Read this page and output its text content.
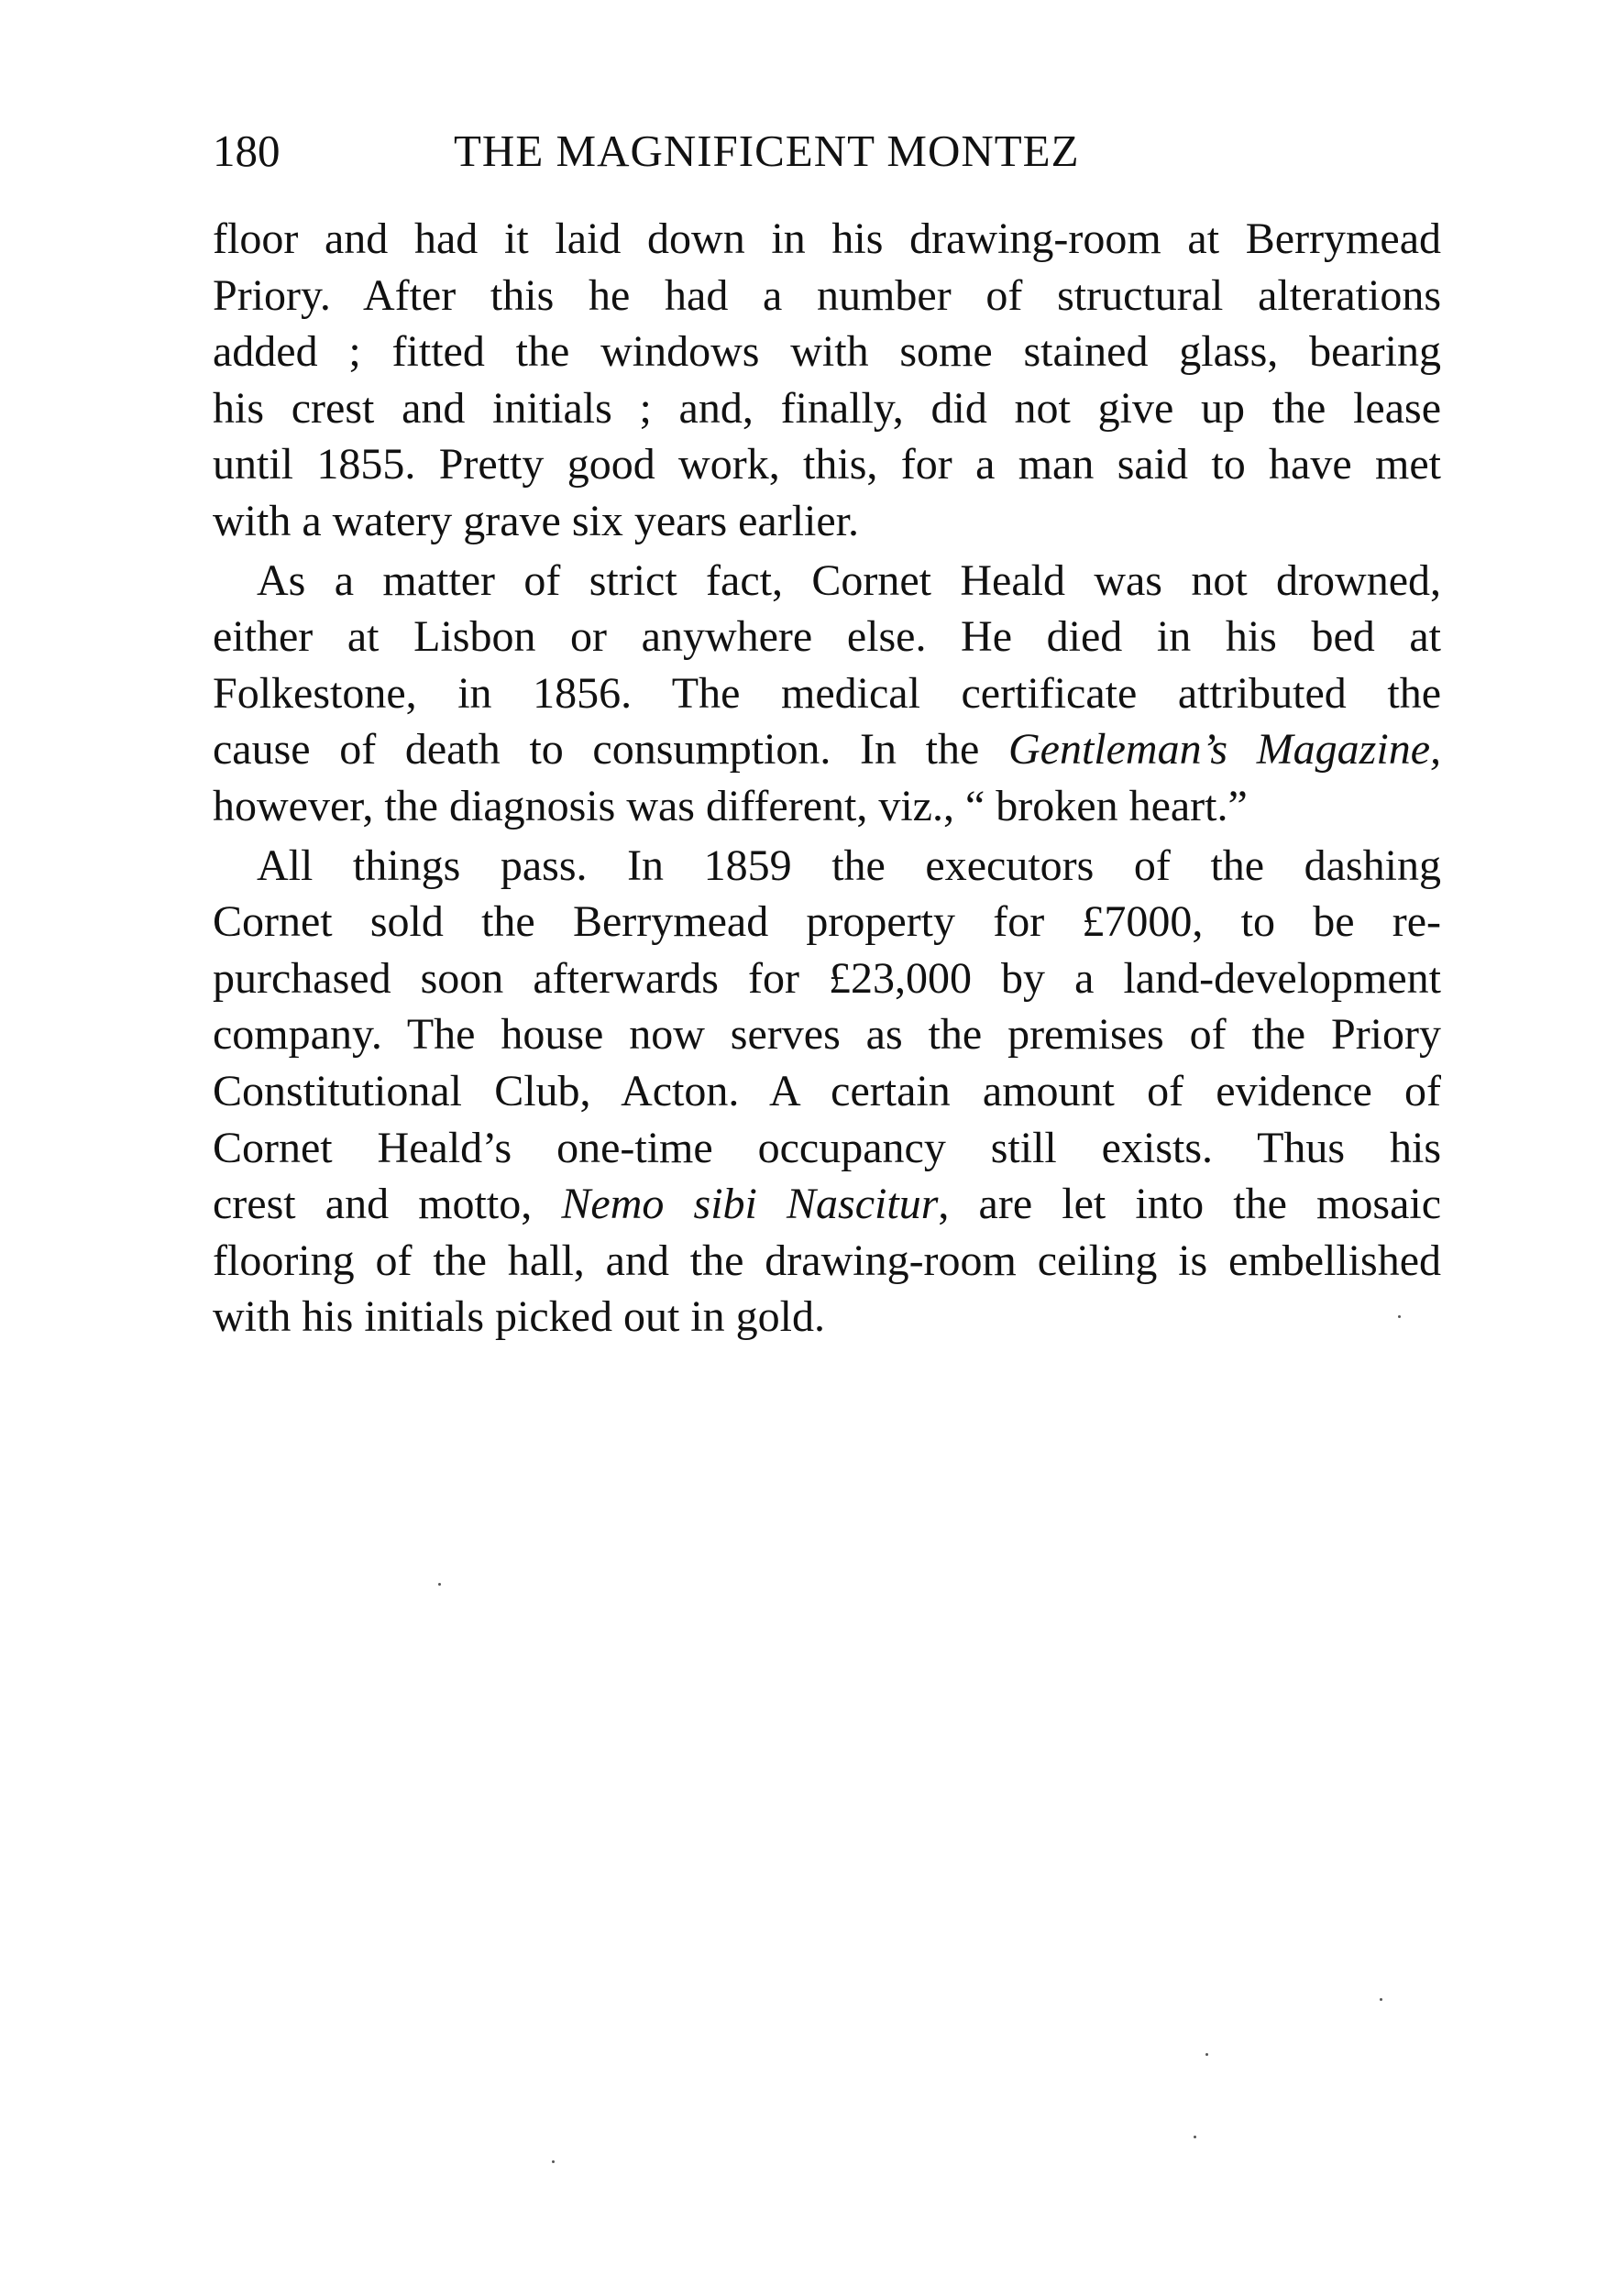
180	THE MAGNIFICENT MONTEZ
floor and had it laid down in his drawing-room at Berrymead
Priory. After this he had a number of structural alterations
added ; fitted the windows with some stained glass, bearing
his crest and initials ; and, finally, did not give up the lease
until 1855. Pretty good work, this, for a man said to have met
with a watery grave six years earlier.
As a matter of strict fact, Cornet Heald was not drowned,
either at Lisbon or anywhere else. He died in his bed at
Folkestone, in 1856. The medical certificate attributed the
cause of death to consumption. In the Gentleman’s Magazine,
however, the diagnosis was different, viz., “ broken heart.”
All things pass. In 1859 the executors of the dashing
Cornet sold the Berrymead property for £7000, to be re-
purchased soon afterwards for £23,000 by a land-development
company. The house now serves as the premises of the Priory
Constitutional Club, Acton. A certain amount of evidence of
Cornet Heald’s one-time occupancy still exists. Thus his
crest and motto, Nemo sibi Nascitur, are let into the mosaic
flooring of the hall, and the drawing-room ceiling is embellished
with his initials picked out in gold.
